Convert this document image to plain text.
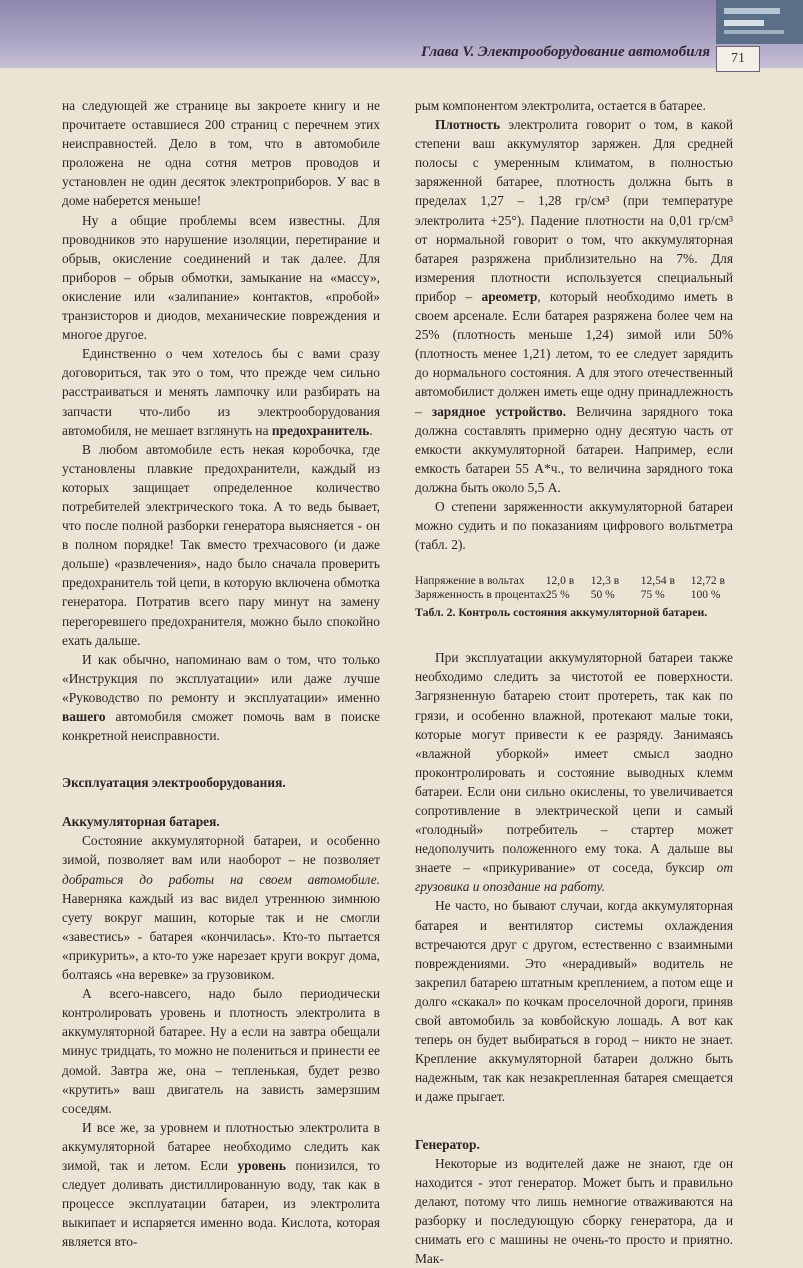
Глава V. Электрооборудование автомобиля	71

на следующей же странице вы закроете книгу и не прочитаете оставшиеся 200 страниц с перечнем этих неисправностей. Дело в том, что в автомобиле проложена не одна сотня метров проводов и установлен не один десяток электроприборов. У вас в доме наберется меньше!

Ну а общие проблемы всем известны. Для проводников это нарушение изоляции, перетирание и обрыв, окисление соединений и так далее. Для приборов – обрыв обмотки, замыкание на «массу», окисление или «залипание» контактов, «пробой» транзисторов и диодов, механические повреждения и многое другое.

Единственно о чем хотелось бы с вами сразу договориться, так это о том, что прежде чем сильно расстраиваться и менять лампочку или разбирать на запчасти что-либо из электрооборудования автомобиля, не мешает взглянуть на предохранитель.

В любом автомобиле есть некая коробочка, где установлены плавкие предохранители, каждый из которых защищает определенное количество потребителей электрического тока. А то ведь бывает, что после полной разборки генератора выясняется - он в полном порядке! Так вместо трехчасового (и даже дольше) «развлечения», надо было сначала проверить предохранитель той цепи, в которую включена обмотка генератора. Потратив всего пару минут на замену перегоревшего предохранителя, можно было спокойно ехать дальше.

И как обычно, напоминаю вам о том, что только «Инструкция по эксплуатации» или даже лучше «Руководство по ремонту и эксплуатации» именно вашего автомобиля сможет помочь вам в поиске конкретной неисправности.

Эксплуатация электрооборудования.
Аккумуляторная батарея.

Состояние аккумуляторной батареи, и особенно зимой, позволяет вам или наоборот – не позволяет добраться до работы на своем автомобиле. Наверняка каждый из вас видел утреннюю зимнюю суету вокруг машин, которые так и не смогли «завестись» - батарея «кончилась». Кто-то пытается «прикурить», а кто-то уже нарезает круги вокруг дома, болтаясь «на веревке» за грузовиком.

А всего-навсего, надо было периодически контролировать уровень и плотность электролита в аккумуляторной батарее. Ну а если на завтра обещали минус тридцать, то можно не полениться и принести ее домой. Завтра же, она – тепленькая, будет резво «крутить» ваш двигатель на зависть замерзшим соседям.

И все же, за уровнем и плотностью электролита в аккумуляторной батарее необходимо следить как зимой, так и летом. Если уровень понизился, то следует доливать дистиллированную воду, так как в процессе эксплуатации батареи, из электролита выкипает и испаряется именно вода. Кислота, которая является вто-

рым компонентом электролита, остается в батарее.

Плотность электролита говорит о том, в какой степени ваш аккумулятор заряжен. Для средней полосы с умеренным климатом, в полностью заряженной батарее, плотность должна быть в пределах 1,27 – 1,28 гр/см³ (при температуре электролита +25°). Падение плотности на 0,01 гр/см³ от нормальной говорит о том, что аккумуляторная батарея разряжена приблизительно на 7%. Для измерения плотности используется специальный прибор – ареометр, который необходимо иметь в своем арсенале. Если батарея разряжена более чем на 25% (плотность меньше 1,24) зимой или 50% (плотность менее 1,21) летом, то ее следует зарядить до нормального состояния. А для этого отечественный автомобилист должен иметь еще одну принадлежность – зарядное устройство. Величина зарядного тока должна составлять примерно одну десятую часть от емкости аккумуляторной батареи. Например, если емкость батареи 55 А*ч., то величина зарядного тока должна быть около 5,5 А.

О степени заряженности аккумуляторной батареи можно судить и по показаниям цифрового вольтметра (табл. 2).

Напряжение в вольтах	12,0 в	12,3 в	12,54 в	12,72 в
Заряженность в процентах	25 %	50 %	75 %	100 %
Табл. 2. Контроль состояния аккумуляторной батареи.

При эксплуатации аккумуляторной батареи также необходимо следить за чистотой ее поверхности. Загрязненную батарею стоит протереть, так как по грязи, и особенно влажной, протекают малые токи, которые могут привести к ее разряду. Занимаясь «влажной уборкой» имеет смысл заодно проконтролировать и состояние выводных клемм батареи. Если они сильно окислены, то увеличивается сопротивление в электрической цепи и самый «голодный» потребитель – стартер может недополучить положенного ему тока. А дальше вы знаете – «прикуривание» от соседа, буксир от грузовика и опоздание на работу.

Не часто, но бывают случаи, когда аккумуляторная батарея и вентилятор системы охлаждения встречаются друг с другом, естественно с взаимными повреждениями. Это «нерадивый» водитель не закрепил батарею штатным креплением, а потом еще и долго «скакал» по кочкам проселочной дороги, приняв свой автомобиль за ковбойскую лошадь. А вот как теперь он будет выбираться в город – никто не знает. Крепление аккумуляторной батареи должно быть надежным, так как незакрепленная батарея смещается и даже прыгает.

Генератор.

Некоторые из водителей даже не знают, где он находится - этот генератор. Может быть и правильно делают, потому что лишь немногие отваживаются на разборку и последующую сборку генератора, да и снимать его с машины не очень-то просто и приятно. Мак-
